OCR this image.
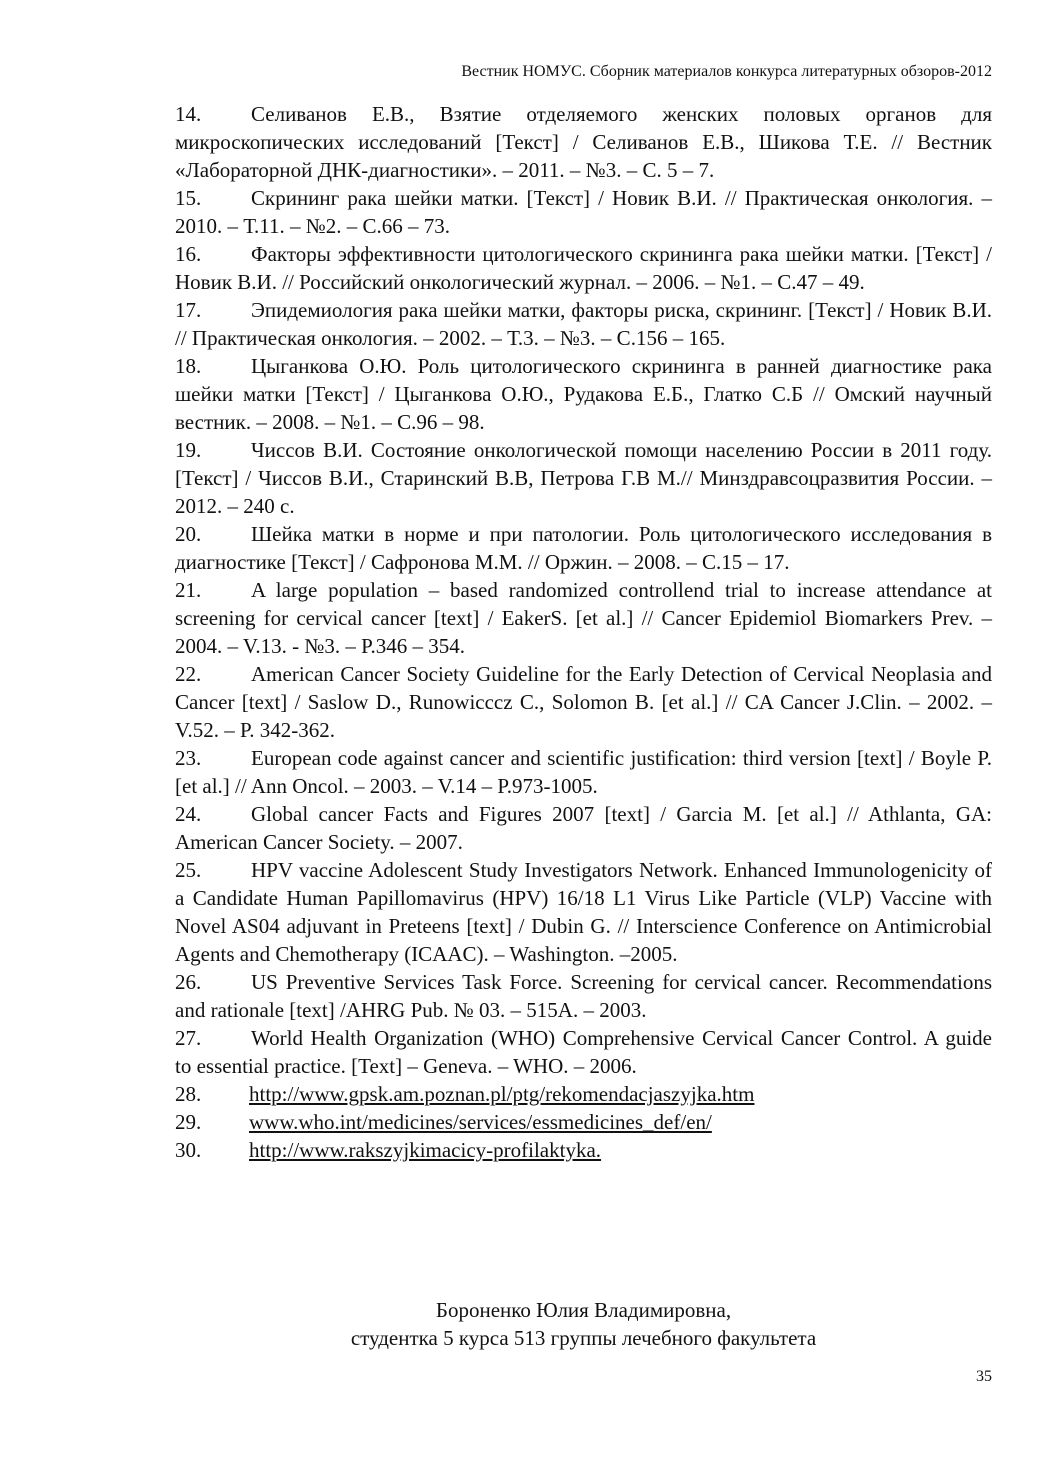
Вестник НОМУС. Сборник материалов конкурса литературных обзоров-2012
14. Селиванов Е.В., Взятие отделяемого женских половых органов для микроскопических исследований [Текст] / Селиванов Е.В., Шикова Т.Е. // Вестник «Лабораторной ДНК-диагностики». – 2011. – №3. – С. 5 – 7.
15. Скрининг рака шейки матки. [Текст] / Новик В.И. // Практическая онкология. – 2010. – Т.11. – №2. – С.66 – 73.
16. Факторы эффективности цитологического скрининга рака шейки матки. [Текст] / Новик В.И. // Российский онкологический журнал. – 2006. – №1. – С.47 – 49.
17. Эпидемиология рака шейки матки, факторы риска, скрининг. [Текст] / Новик В.И. // Практическая онкология. – 2002. – Т.3. – №3. – С.156 – 165.
18. Цыганкова О.Ю. Роль цитологического скрининга в ранней диагностике рака шейки матки [Текст] / Цыганкова О.Ю., Рудакова Е.Б., Глатко С.Б // Омский научный вестник. – 2008. – №1. – С.96 – 98.
19. Чиссов В.И. Состояние онкологической помощи населению России в 2011 году. [Текст] / Чиссов В.И., Старинский В.В, Петрова Г.В М.// Минздравсоцразвития России. – 2012. – 240 с.
20. Шейка матки в норме и при патологии. Роль цитологического исследования в диагностике [Текст] / Сафронова М.М. // Оржин. – 2008. – С.15 – 17.
21. A large population – based randomized controllend trial to increase attendance at screening for cervical cancer [text] / EakerS. [et al.] // Cancer Epidemiol Biomarkers Prev. – 2004. – V.13. - №3. – P.346 – 354.
22. American Cancer Society Guideline for the Early Detection of Cervical Neoplasia and Cancer [text] / Saslow D., Runowicccz C., Solomon B. [et al.] // CA Cancer J.Clin. – 2002. – V.52. – P. 342-362.
23. European code against cancer and scientific justification: third version [text] / Boyle P. [et al.] // Ann Oncol. – 2003. – V.14 – P.973-1005.
24. Global cancer Facts and Figures 2007 [text] / Garcia M. [et al.] // Athlanta, GA: American Cancer Society. – 2007.
25. HPV vaccine Adolescent Study Investigators Network. Enhanced Immunologenicity of a Candidate Human Papillomavirus (HPV) 16/18 L1 Virus Like Particle (VLP) Vaccine with Novel AS04 adjuvant in Preteens [text] / Dubin G. // Interscience Conference on Antimicrobial Agents and Chemotherapy (ICAAC). – Washington. –2005.
26. US Preventive Services Task Force. Screening for cervical cancer. Recommendations and rationale [text] /AHRG Pub. № 03. – 515A. – 2003.
27. World Health Organization (WHO) Comprehensive Cervical Cancer Control. A guide to essential practice. [Text] – Geneva. – WHO. – 2006.
28. http://www.gpsk.am.poznan.pl/ptg/rekomendacjaszyjka.htm
29. www.who.int/medicines/services/essmedicines_def/en/
30. http://www.rakszyjkimacicy-profilaktyka.
Бороненко Юлия Владимировна,
студентка 5 курса 513 группы лечебного факультета
35
